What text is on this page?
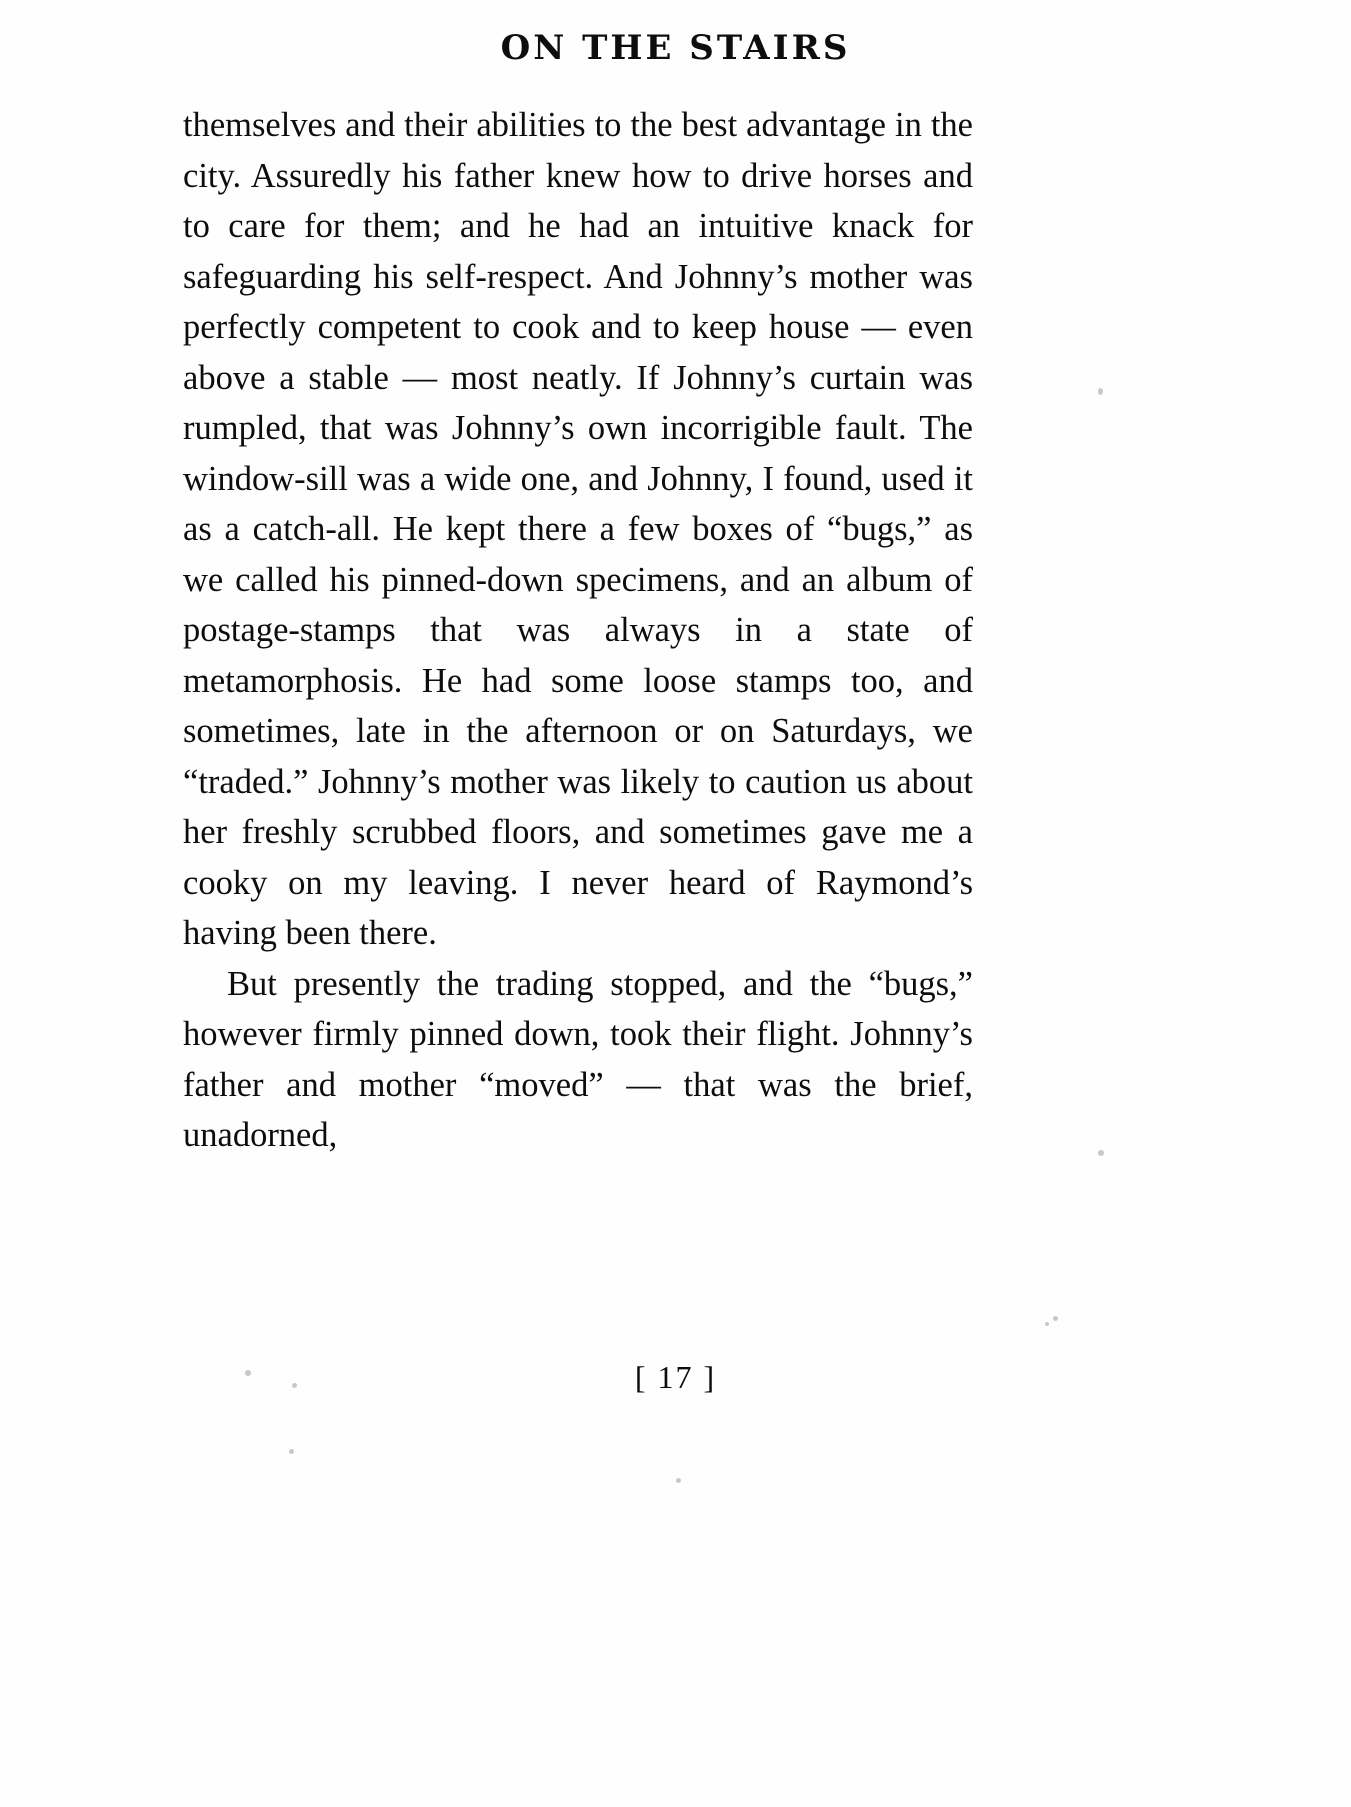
ON THE STAIRS

themselves and their abilities to the best advantage in the city. Assuredly his father knew how to drive horses and to care for them; and he had an intuitive knack for safeguarding his self-respect. And Johnny’s mother was perfectly competent to cook and to keep house — even above a stable — most neatly. If Johnny’s curtain was rumpled, that was Johnny’s own incorrigible fault. The window-sill was a wide one, and Johnny, I found, used it as a catch-all. He kept there a few boxes of “bugs,” as we called his pinned-down specimens, and an album of postage-stamps that was always in a state of metamorphosis. He had some loose stamps too, and sometimes, late in the afternoon or on Saturdays, we “traded.” Johnny’s mother was likely to caution us about her freshly scrubbed floors, and sometimes gave me a cooky on my leaving. I never heard of Raymond’s having been there.

But presently the trading stopped, and the “bugs,” however firmly pinned down, took their flight. Johnny’s father and mother “moved” — that was the brief, unadorned,

[ 17 ]
